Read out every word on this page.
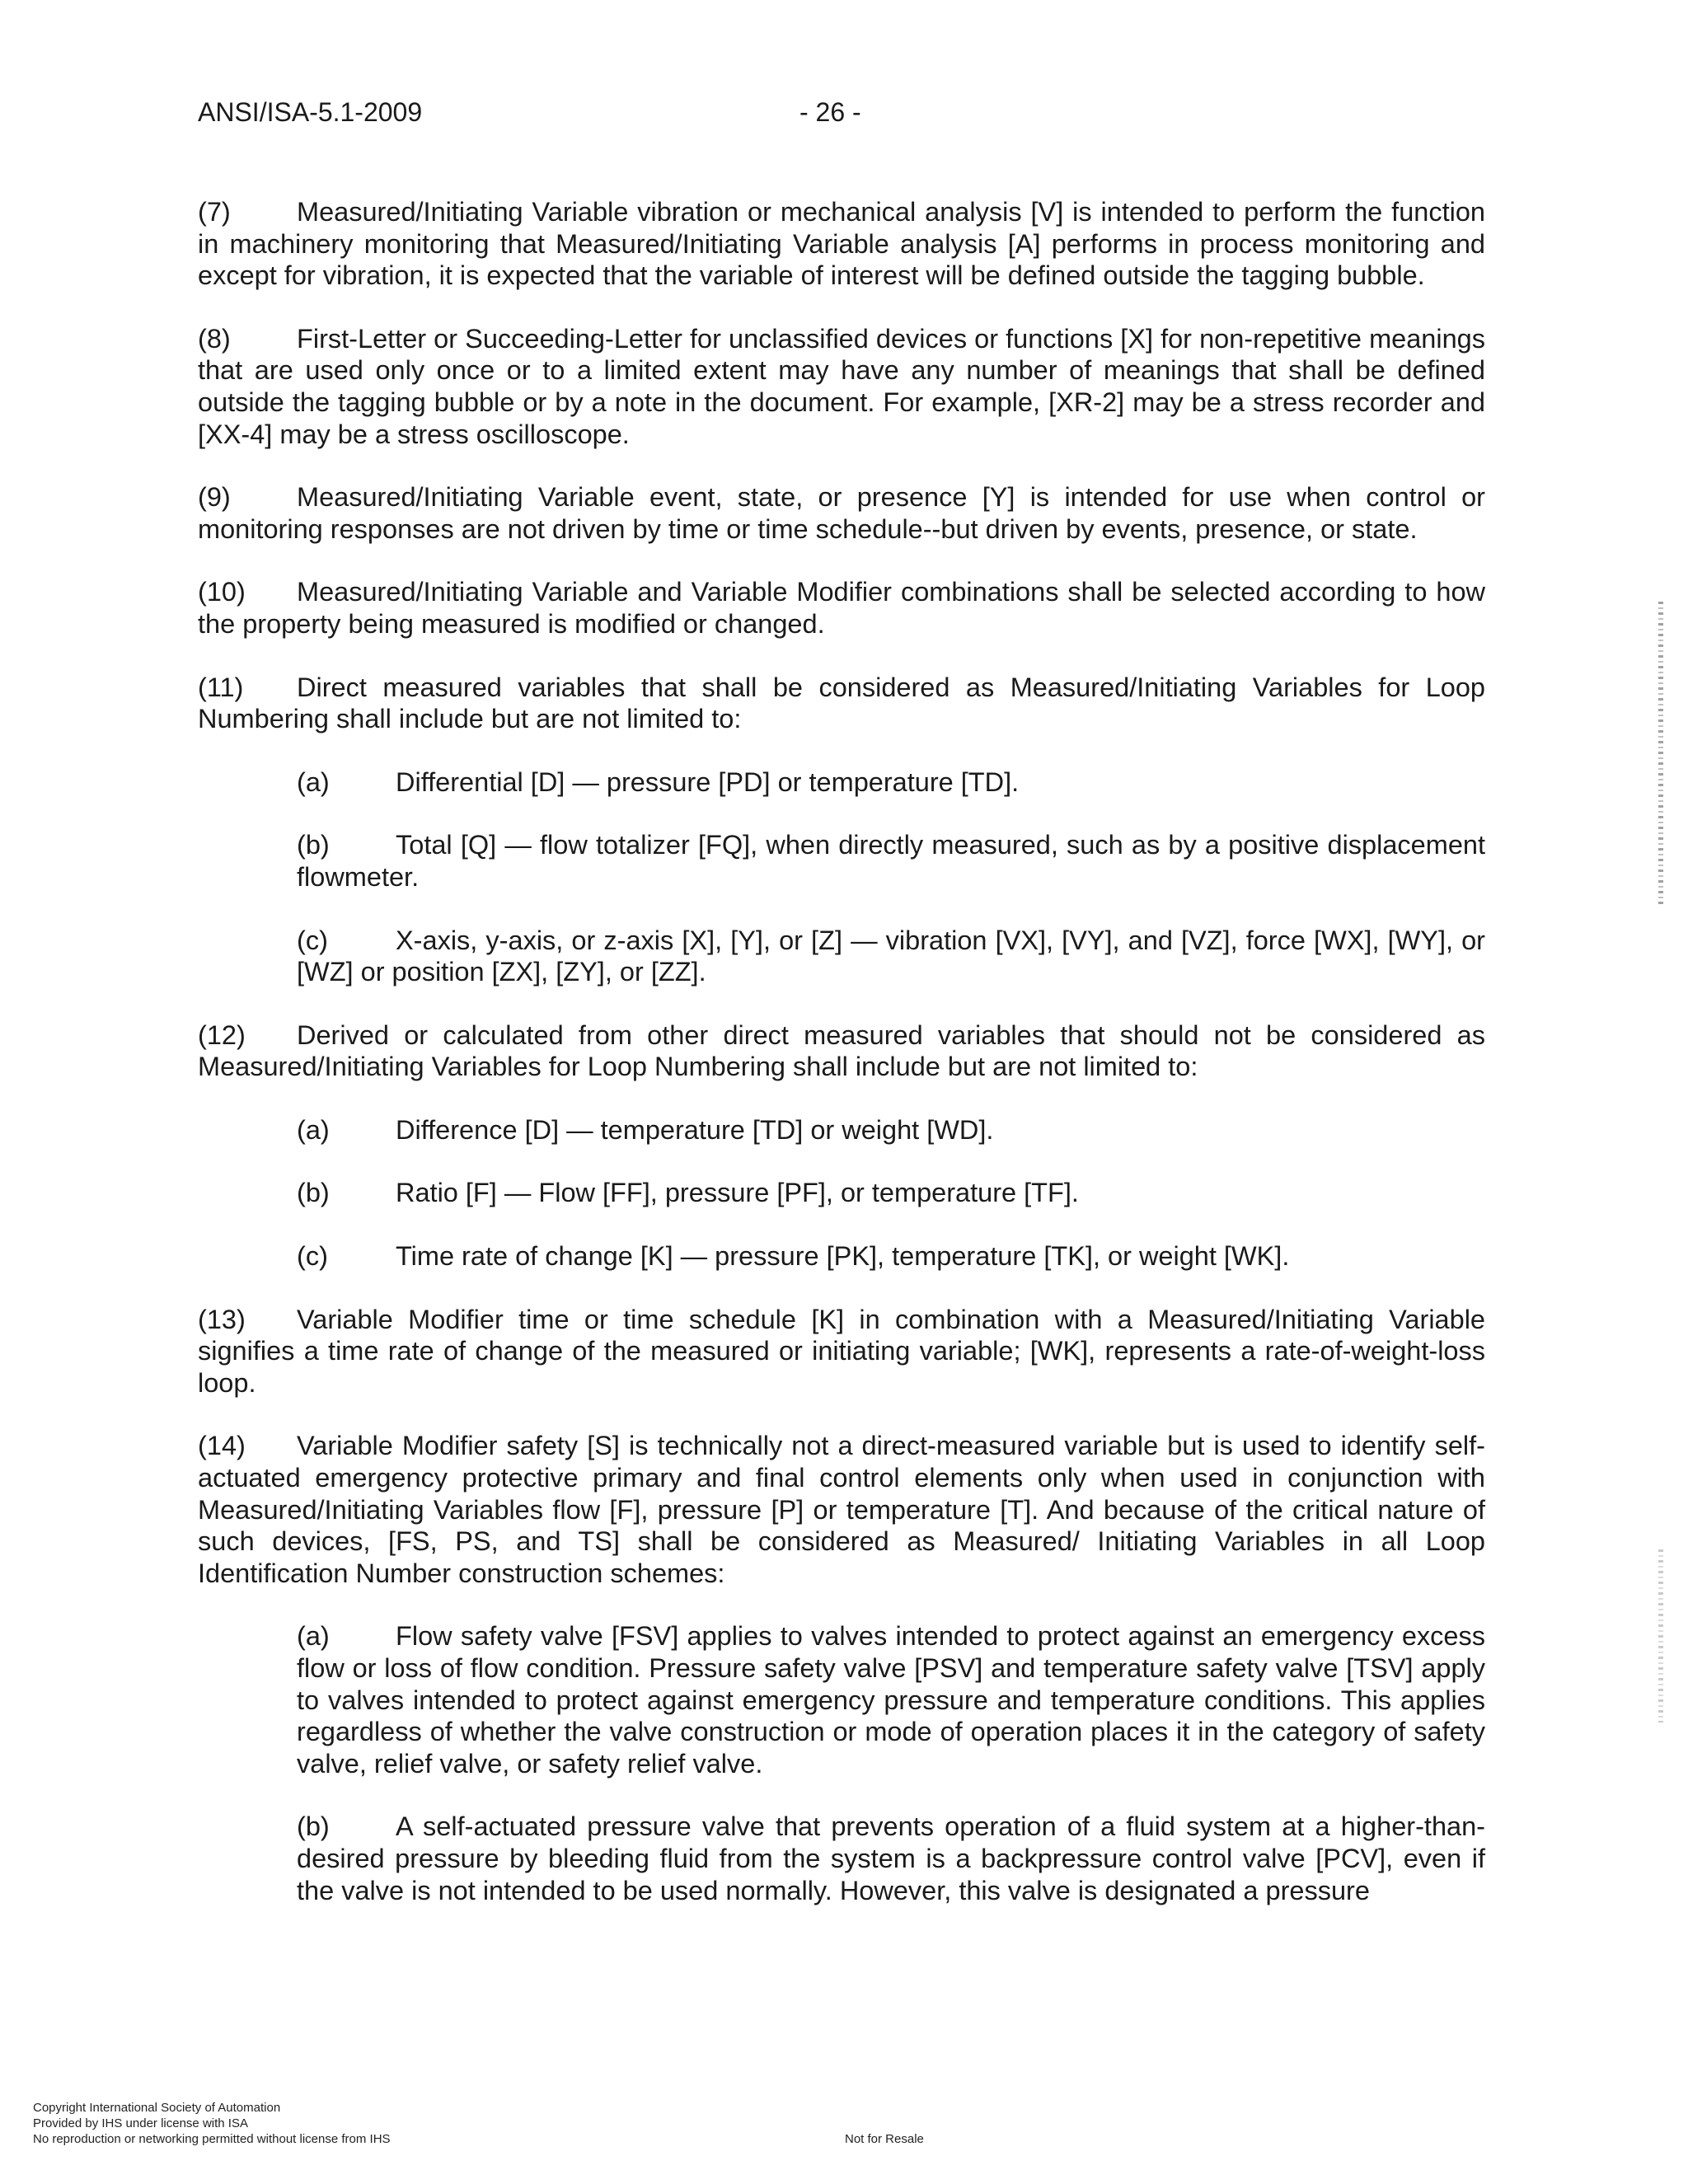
ANSI/ISA-5.1-2009	- 26 -

(7) Measured/Initiating Variable vibration or mechanical analysis [V] is intended to perform the function in machinery monitoring that Measured/Initiating Variable analysis [A] performs in process monitoring and except for vibration, it is expected that the variable of interest will be defined outside the tagging bubble.

(8) First-Letter or Succeeding-Letter for unclassified devices or functions [X] for non-repetitive meanings that are used only once or to a limited extent may have any number of meanings that shall be defined outside the tagging bubble or by a note in the document. For example, [XR-2] may be a stress recorder and [XX-4] may be a stress oscilloscope.

(9) Measured/Initiating Variable event, state, or presence [Y] is intended for use when control or monitoring responses are not driven by time or time schedule--but driven by events, presence, or state.

(10) Measured/Initiating Variable and Variable Modifier combinations shall be selected according to how the property being measured is modified or changed.

(11) Direct measured variables that shall be considered as Measured/Initiating Variables for Loop Numbering shall include but are not limited to:

(a) Differential [D] — pressure [PD] or temperature [TD].

(b) Total [Q] — flow totalizer [FQ], when directly measured, such as by a positive displacement flowmeter.

(c)	X-axis, y-axis, or z-axis [X], [Y], or [Z] — vibration [VX], [VY], and [VZ], force [WX], [WY], or [WZ] or position [ZX], [ZY], or [ZZ].

(12) Derived or calculated from other direct measured variables that should not be considered as Measured/Initiating Variables for Loop Numbering shall include but are not limited to:

(a) Difference [D] — temperature [TD] or weight [WD].

(b) Ratio [F] — Flow [FF], pressure [PF], or temperature [TF].

(c)	Time rate of change [K] — pressure [PK], temperature [TK], or weight [WK].

(13) Variable Modifier time or time schedule [K] in combination with a Measured/Initiating Variable signifies a time rate of change of the measured or initiating variable; [WK], represents a rate-of-weight-loss loop.

(14) Variable Modifier safety [S] is technically not a direct-measured variable but is used to identify self-actuated emergency protective primary and final control elements only when used in conjunction with Measured/Initiating Variables flow [F], pressure [P] or temperature [T]. And because of the critical nature of such devices, [FS, PS, and TS] shall be considered as Measured/ Initiating Variables in all Loop Identification Number construction schemes:

(a) Flow safety valve [FSV] applies to valves intended to protect against an emergency excess flow or loss of flow condition. Pressure safety valve [PSV] and temperature safety valve [TSV] apply to valves intended to protect against emergency pressure and temperature conditions. This applies regardless of whether the valve construction or mode of operation places it in the category of safety valve, relief valve, or safety relief valve.

(b) A self-actuated pressure valve that prevents operation of a fluid system at a higher-than-desired pressure by bleeding fluid from the system is a backpressure control valve [PCV], even if the valve is not intended to be used normally. However, this valve is designated a pressure

Copyright International Society of Automation
Provided by IHS under license with ISA
No reproduction or networking permitted without license from IHS	Not for Resale
